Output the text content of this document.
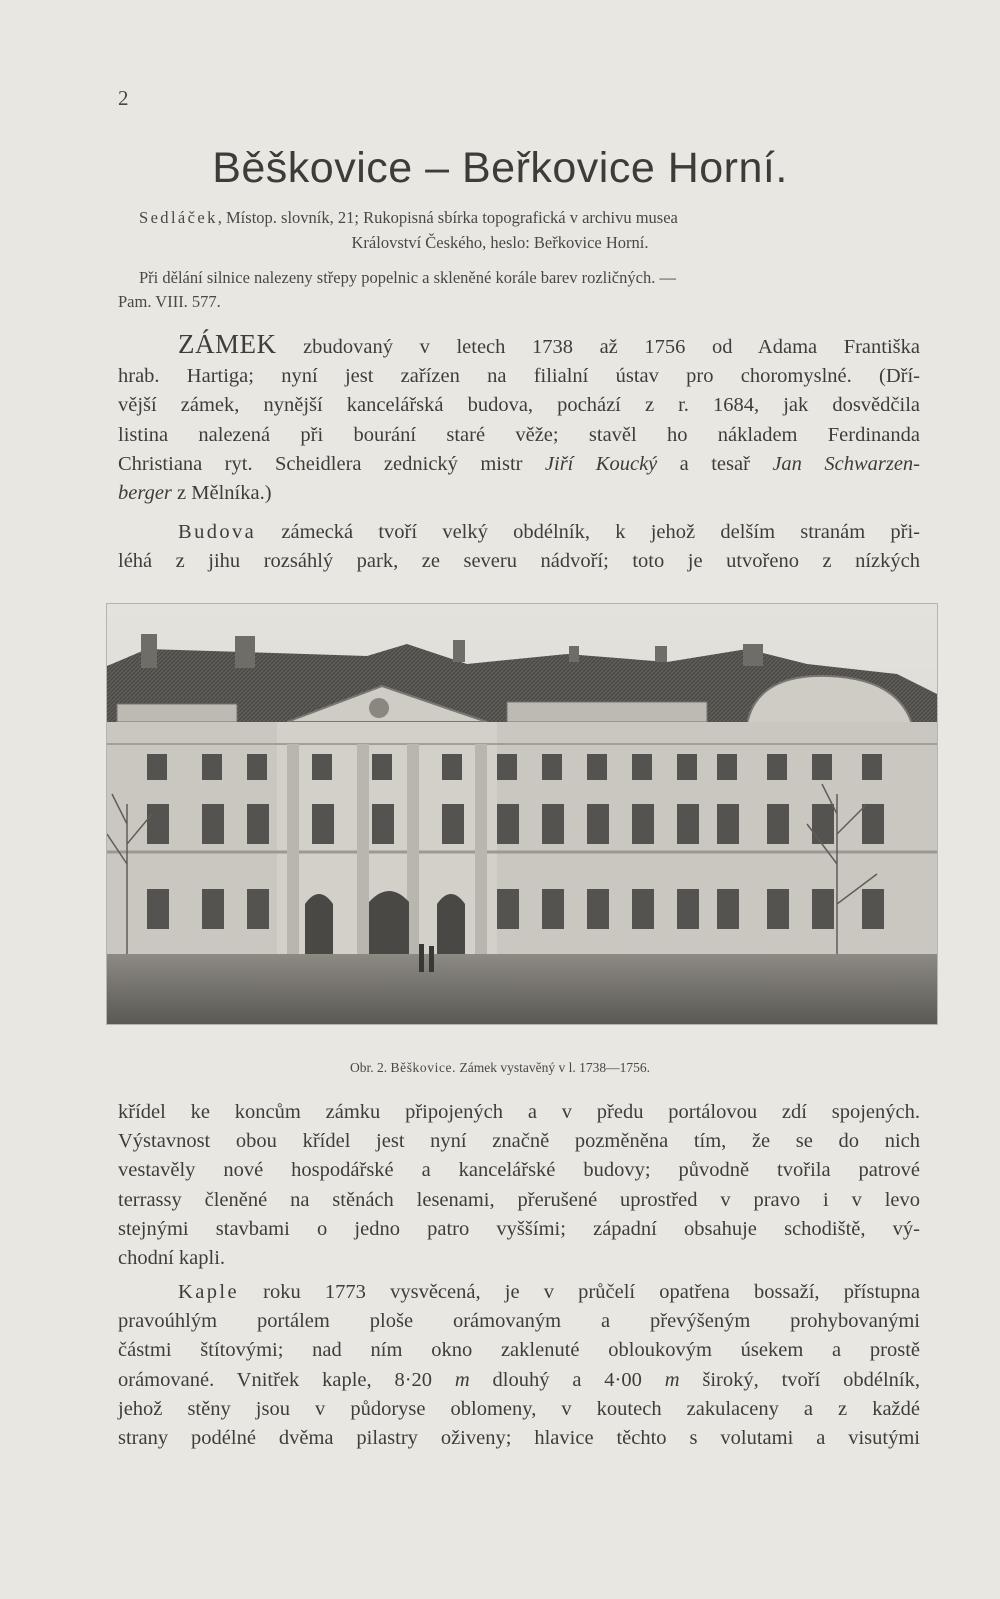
2
Běškovice – Beřkovice Horní.
Sedláček, Místop. slovník, 21; Rukopisná sbírka topografická v archivu musea
Království Českého, heslo: Beřkovice Horní.
Při dělání silnice nalezeny střepy popelnic a skleněné korále barev rozličných. —
Pam. VIII. 577.
ZÁMEK zbudovaný v letech 1738 až 1756 od Adama Františka
hrab. Hartiga; nyní jest zařízen na filialní ústav pro choromyslné. (Dří-
vější zámek, nynější kancelářská budova, pochází z r. 1684, jak dosvědčila
listina nalezená při bourání staré věže; stavěl ho nákladem Ferdinanda
Christiana ryt. Scheidlera zednický mistr Jiří Koucký a tesař Jan Schwarzen-
berger z Mělníka.)
Budova zámecká tvoří velký obdélník, k jehož delším stranám při-
léhá z jihu rozsáhlý park, ze severu nádvoří; toto je utvořeno z nízkých
Obr. 2. Běškovice. Zámek vystavěný v l. 1738—1756.
křídel ke koncům zámku připojených a v předu portálovou zdí spojených.
Výstavnost obou křídel jest nyní značně pozměněna tím, že se do nich
vestavěly nové hospodářské a kancelářské budovy; původně tvořila patrové
terrassy členěné na stěnách lesenami, přerušené uprostřed v pravo i v levo
stejnými stavbami o jedno patro vyššími; západní obsahuje schodiště, vý-
chodní kapli.
Kaple roku 1773 vysvěcená, je v průčelí opatřena bossaží, přístupna
pravoúhlým portálem ploše orámovaným a převýšeným prohybovanými
částmi štítovými; nad ním okno zaklenuté obloukovým úsekem a prostě
orámované. Vnitřek kaple, 8·20 m dlouhý a 4·00 m široký, tvoří obdélník,
jehož stěny jsou v půdoryse oblomeny, v koutech zakulaceny a z každé
strany podélné dvěma pilastry oživeny; hlavice těchto s volutami a visutými
